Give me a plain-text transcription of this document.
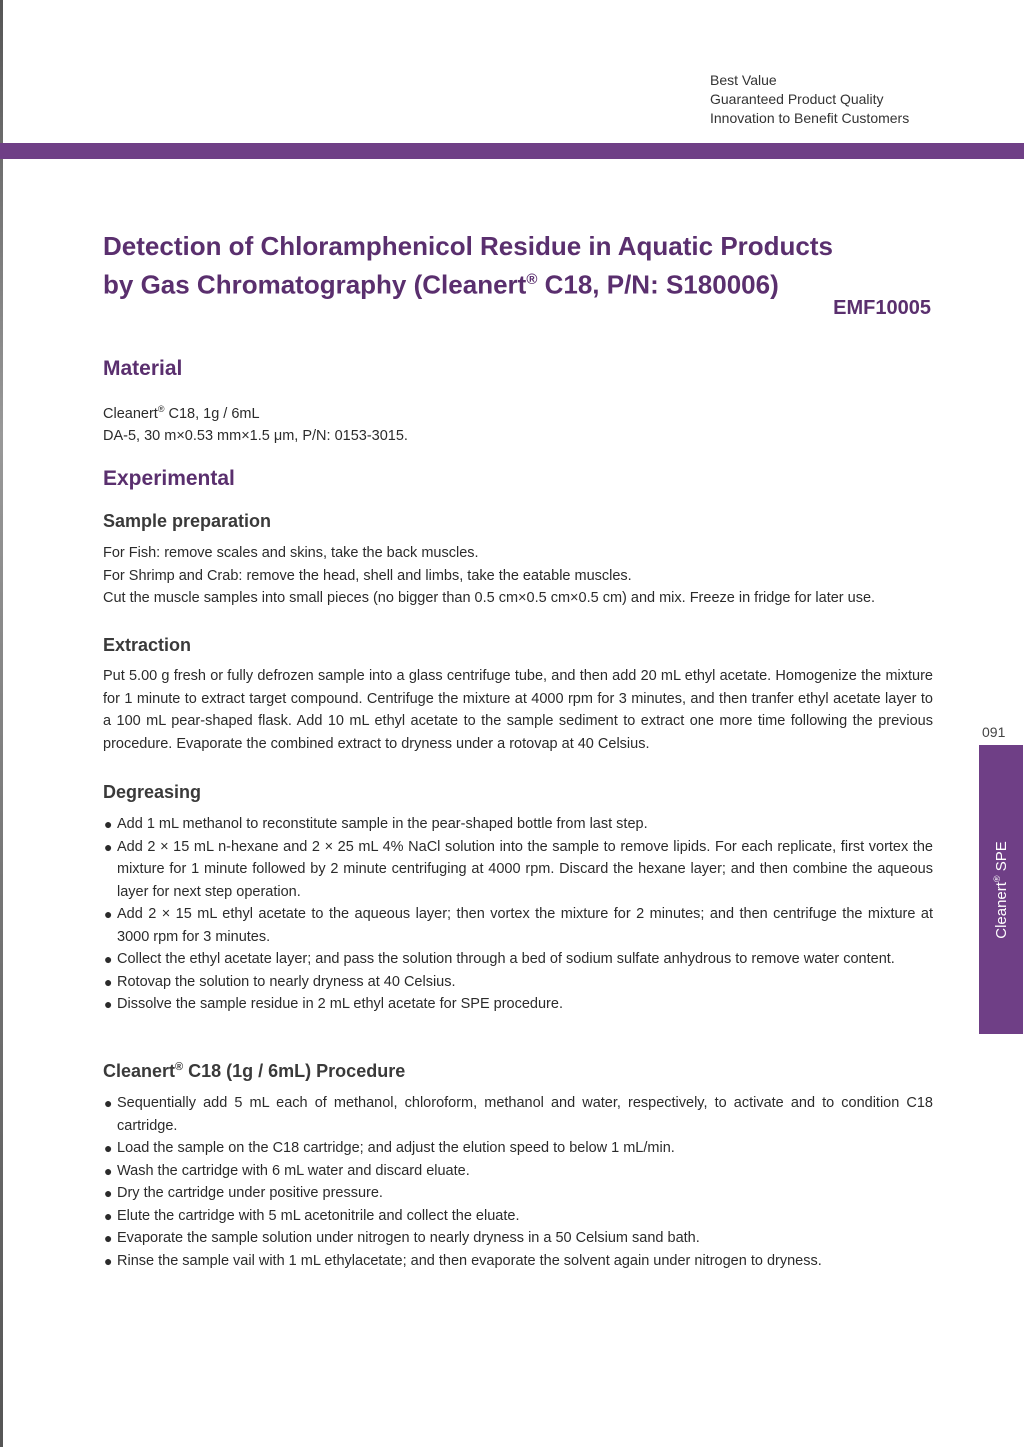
Best Value
Guaranteed Product Quality
Innovation to Benefit Customers
Detection of Chloramphenicol Residue in Aquatic Products
by Gas Chromatography (Cleanert® C18, P/N: S180006)
EMF10005
Material
Cleanert® C18, 1g / 6mL
DA-5, 30 m×0.53 mm×1.5 μm, P/N: 0153-3015.
Experimental
Sample preparation
For Fish: remove scales and skins, take the back muscles.
For Shrimp and Crab: remove the head, shell and limbs, take the eatable muscles.
Cut the muscle samples into small pieces (no bigger than 0.5 cm×0.5 cm×0.5 cm) and mix. Freeze in fridge for later use.
Extraction
Put 5.00 g fresh or fully defrozen sample into a glass centrifuge tube, and then add 20 mL ethyl acetate. Homogenize the mixture for 1 minute to extract target compound. Centrifuge the mixture at 4000 rpm for 3 minutes, and then tranfer ethyl acetate layer to a 100 mL pear-shaped flask. Add 10 mL ethyl acetate to the sample sediment to extract one more time following the previous procedure. Evaporate the combined extract to dryness under a rotovap at 40 Celsius.
Degreasing
● Add 1 mL methanol to reconstitute sample in the pear-shaped bottle from last step.
● Add 2 × 15 mL n-hexane and 2 × 25 mL 4% NaCl solution into the sample to remove lipids. For each replicate, first vortex the mixture for 1 minute followed by 2 minute centrifuging at 4000 rpm. Discard the hexane layer; and then combine the aqueous layer for next step operation.
● Add 2 × 15 mL ethyl acetate to the aqueous layer; then vortex the mixture for 2 minutes; and then centrifuge the mixture at 3000 rpm for 3 minutes.
● Collect the ethyl acetate layer; and pass the solution through a bed of sodium sulfate anhydrous to remove water content.
● Rotovap the solution to nearly dryness at 40 Celsius.
● Dissolve the sample residue in 2 mL ethyl acetate for SPE procedure.
Cleanert® C18 (1g / 6mL) Procedure
● Sequentially add 5 mL each of methanol, chloroform, methanol and water, respectively, to activate and to condition C18 cartridge.
● Load the sample on the C18 cartridge; and adjust the elution speed to below 1 mL/min.
● Wash the cartridge with 6 mL water and discard eluate.
● Dry the cartridge under positive pressure.
● Elute the cartridge with 5 mL acetonitrile and collect the eluate.
● Evaporate the sample solution under nitrogen to nearly dryness in a 50 Celsium sand bath.
● Rinse the sample vail with 1 mL ethylacetate; and then evaporate the solvent again under nitrogen to dryness.
091
Cleanert® SPE
